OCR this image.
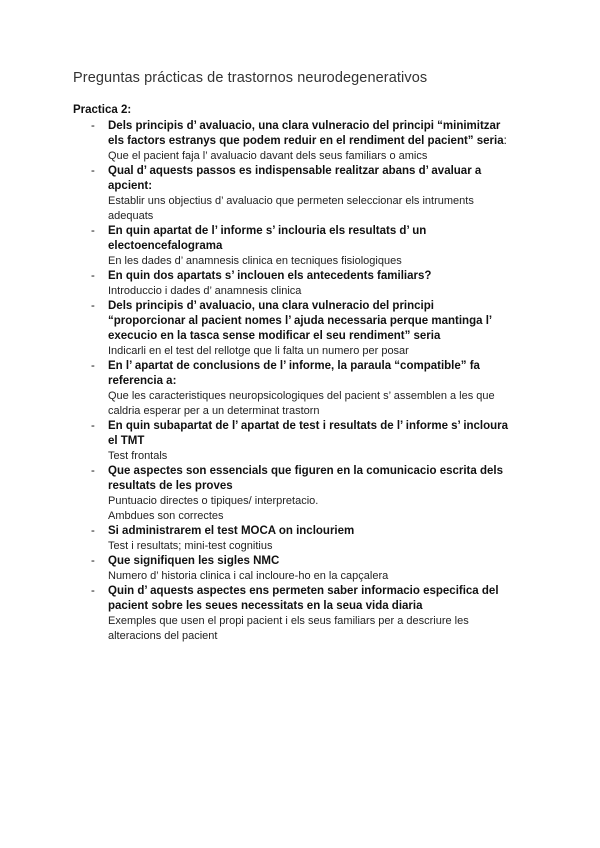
Preguntas prácticas de trastornos neurodegenerativos
Practica 2:
- Dels principis d’ avaluacio, una clara vulneracio del principi “minimitzar els factors estranys que podem reduir en el rendiment del pacient” seria:

Que el pacient faja l’ avaluacio davant dels seus familiars o amics

- Qual d’ aquests passos es indispensable realitzar abans d’ avaluar a apcient:

Establir uns objectius d’ avaluacio que permeten seleccionar els intruments adequats

- En quin apartat de l’ informe s’ inclouria els resultats d’ un electoencefalograma

En les dades d’ anamnesis clinica en tecniques fisiologiques

- En quin dos apartats s’ inclouen els antecedents familiars?

Introduccio i dades d’ anamnesis clinica

- Dels principis d’ avaluacio, una clara vulneracio del principi “proporcionar al pacient nomes l’ ajuda necessaria perque mantinga l’ execucio en la tasca sense modificar el seu rendiment” seria

Indicarli en el test del rellotge que li falta un numero per posar

- En l’ apartat de conclusions de l’ informe, la paraula “compatible” fa referencia a:

Que les caracteristiques neuropsicologiques del pacient s’ assemblen a les que caldria esperar per a un determinat trastorn

- En quin subapartat de l’ apartat de test i resultats de l’ informe s’ incloura el TMT

Test frontals

- Que aspectes son essencials que figuren en la comunicacio escrita dels resultats de les proves

Puntuacio directes o tipiques/ interpretacio.

Ambdues son correctes

- Si administrarem el test MOCA on inclouriem

Test i resultats; mini-test cognitius

- Que signifiquen les sigles NMC

Numero d’ historia clinica i cal incloure-ho en la capçalera

- Quin d’ aquests aspectes ens permeten saber informacio especifica del pacient sobre les seues necessitats en la seua vida diaria

Exemples que usen el propi pacient i els seus familiars per a descriure les alteracions del pacient
